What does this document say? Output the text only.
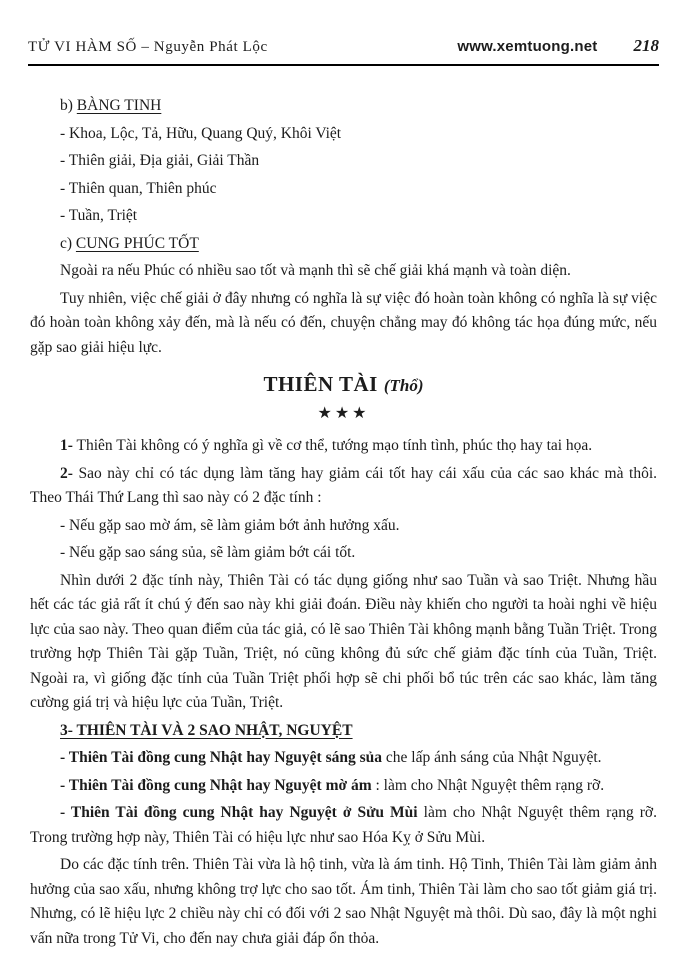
TỬ VI HÀM SỐ – Nguyễn Phát Lộc	www.xemtuong.net 218

b) BÀNG TINH

- Khoa, Lộc, Tả, Hữu, Quang Quý, Khôi Việt

- Thiên giải, Địa giải, Giải Thần

- Thiên quan, Thiên phúc

- Tuần, Triệt

c) CUNG PHÚC TỐT

Ngoài ra nếu Phúc có nhiều sao tốt và mạnh thì sẽ chế giải khá mạnh và toàn diện.

Tuy nhiên, việc chế giải ở đây nhưng có nghĩa là sự việc đó hoàn toàn không có nghĩa là sự việc đó hoàn toàn không xảy đến, mà là nếu có đến, chuyện chẳng may đó không tác họa đúng mức, nếu gặp sao giải hiệu lực.

THIÊN TÀI (Thổ)

★★★

1- Thiên Tài không có ý nghĩa gì về cơ thể, tướng mạo tính tình, phúc thọ hay tai họa.

2- Sao này chỉ có tác dụng làm tăng hay giảm cái tốt hay cái xấu của các sao khác mà thôi. Theo Thái Thứ Lang thì sao này có 2 đặc tính :

- Nếu gặp sao mờ ám, sẽ làm giảm bớt ảnh hưởng xấu.

- Nếu gặp sao sáng sủa, sẽ làm giảm bớt cái tốt.

Nhìn dưới 2 đặc tính này, Thiên Tài có tác dụng giống như sao Tuần và sao Triệt. Nhưng hầu hết các tác giả rất ít chú ý đến sao này khi giải đoán. Điều này khiến cho người ta hoài nghi về hiệu lực của sao này. Theo quan điểm của tác giả, có lẽ sao Thiên Tài không mạnh bằng Tuần Triệt. Trong trường hợp Thiên Tài gặp Tuần, Triệt, nó cũng không đủ sức chế giảm đặc tính của Tuần, Triệt. Ngoài ra, vì giống đặc tính của Tuần Triệt phối hợp sẽ chi phối bổ túc trên các sao khác, làm tăng cường giá trị và hiệu lực của Tuần, Triệt.

3- THIÊN TÀI VÀ 2 SAO NHẬT, NGUYỆT

- Thiên Tài đồng cung Nhật hay Nguyệt sáng sủa che lấp ánh sáng của Nhật Nguyệt.

- Thiên Tài đồng cung Nhật hay Nguyệt mờ ám : làm cho Nhật Nguyệt thêm rạng rỡ.

- Thiên Tài đồng cung Nhật hay Nguyệt ở Sửu Mùi làm cho Nhật Nguyệt thêm rạng rỡ. Trong trường hợp này, Thiên Tài có hiệu lực như sao Hóa Kỵ ở Sửu Mùi.

Do các đặc tính trên. Thiên Tài vừa là hộ tinh, vừa là ám tinh. Hộ Tinh, Thiên Tài làm giảm ảnh hưởng của sao xấu, nhưng không trợ lực cho sao tốt. Ám tinh, Thiên Tài làm cho sao tốt giảm giá trị. Nhưng, có lẽ hiệu lực 2 chiều này chỉ có đối với 2 sao Nhật Nguyệt mà thôi. Dù sao, đây là một nghi vấn nữa trong Tử Vi, cho đến nay chưa giải đáp ổn thỏa.
